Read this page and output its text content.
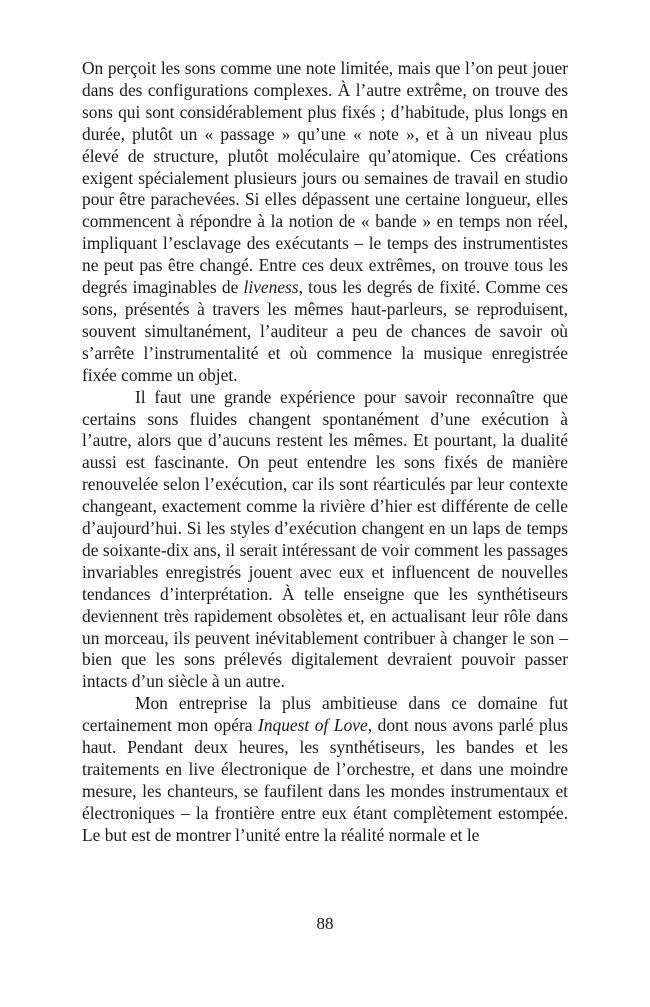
On perçoit les sons comme une note limitée, mais que l’on peut jouer dans des configurations complexes. À l’autre extrême, on trouve des sons qui sont considérablement plus fixés ; d’habitude, plus longs en durée, plutôt un « passage » qu’une « note », et à un niveau plus élevé de structure, plutôt moléculaire qu’atomique. Ces créations exigent spécialement plusieurs jours ou semaines de travail en studio pour être parachevées. Si elles dépassent une certaine longueur, elles commencent à répondre à la notion de « bande » en temps non réel, impliquant l’esclavage des exécutants – le temps des instrumentistes ne peut pas être changé. Entre ces deux extrêmes, on trouve tous les degrés imaginables de liveness, tous les degrés de fixité. Comme ces sons, présentés à travers les mêmes haut-parleurs, se reproduisent, souvent simultanément, l’auditeur a peu de chances de savoir où s’arrête l’instrumentalité et où commence la musique enregistrée fixée comme un objet.

Il faut une grande expérience pour savoir reconnaître que certains sons fluides changent spontanément d’une exécution à l’autre, alors que d’aucuns restent les mêmes. Et pourtant, la dualité aussi est fascinante. On peut entendre les sons fixés de manière renouvelée selon l’exécution, car ils sont réarticulés par leur contexte changeant, exactement comme la rivière d’hier est différente de celle d’aujourd’hui. Si les styles d’exécution changent en un laps de temps de soixante-dix ans, il serait intéressant de voir comment les passages invariables enregistrés jouent avec eux et influencent de nouvelles tendances d’interprétation. À telle enseigne que les synthétiseurs deviennent très rapidement obsolètes et, en actualisant leur rôle dans un morceau, ils peuvent inévitablement contribuer à changer le son – bien que les sons prélevés digitalement devraient pouvoir passer intacts d’un siècle à un autre.

Mon entreprise la plus ambitieuse dans ce domaine fut certainement mon opéra Inquest of Love, dont nous avons parlé plus haut. Pendant deux heures, les synthétiseurs, les bandes et les traitements en live électronique de l’orchestre, et dans une moindre mesure, les chanteurs, se faufilent dans les mondes instrumentaux et électroniques – la frontière entre eux étant complètement estompée. Le but est de montrer l’unité entre la réalité normale et le

88
